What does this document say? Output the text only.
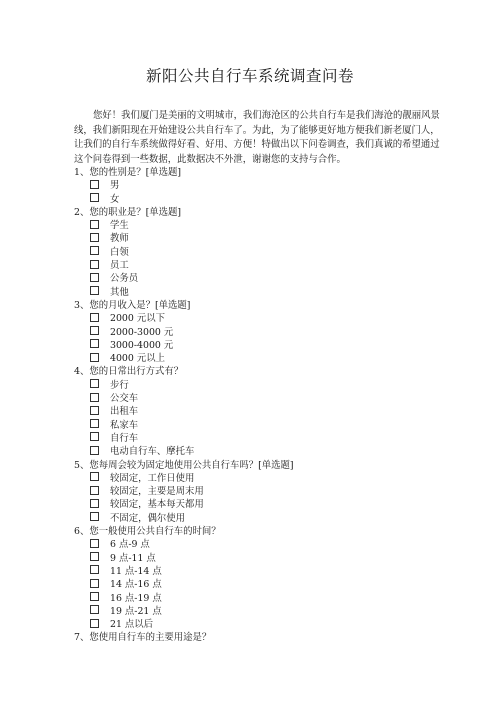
新阳公共自行车系统调查问卷
您好！我们厦门是美丽的文明城市，我们海沧区的公共自行车是我们海沧的靓丽风景
线，我们新阳现在开始建设公共自行车了。为此，为了能够更好地方便我们新老厦门人，
让我们的自行车系统做得好看、好用、方便！特做出以下问卷调查，我们真诚的希望通过
这个问卷得到一些数据，此数据决不外泄，谢谢您的支持与合作。
1、您的性别是？[单选题]
男
女
2、您的职业是？[单选题]
学生
教师
白领
员工
公务员
其他
3、您的月收入是？[单选题]
2000 元以下
2000-3000 元
3000-4000 元
4000 元以上
4、您的日常出行方式有？
步行
公交车
出租车
私家车
自行车
电动自行车、摩托车
5、您每周会较为固定地使用公共自行车吗？[单选题]
较固定，工作日使用
较固定，主要是周末用
较固定，基本每天都用
不固定，偶尔使用
6、您一般使用公共自行车的时间？
6 点-9 点
9 点-11 点
11 点-14 点
14 点-16 点
16 点-19 点
19 点-21 点
21 点以后
7、您使用自行车的主要用途是？
